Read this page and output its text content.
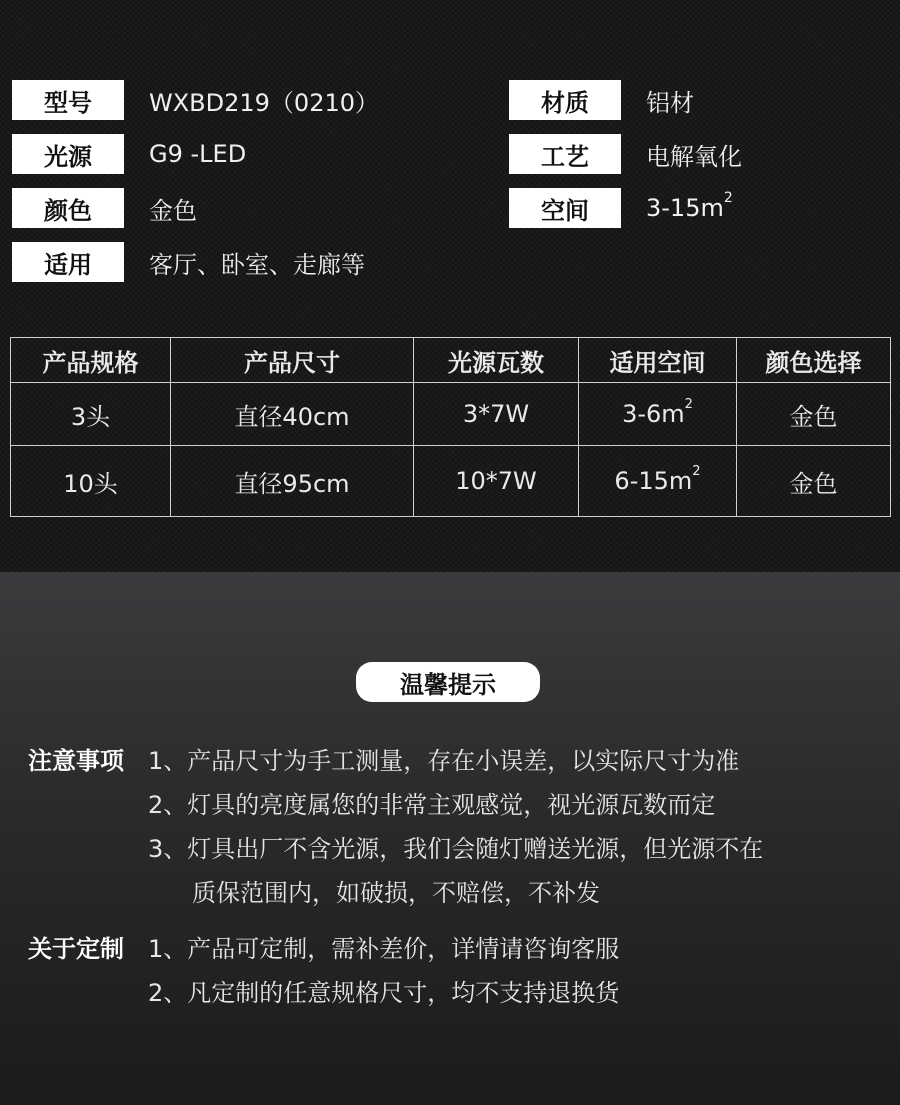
型号	WXBD219（0210）	材质	铝材
光源	G9 -LED	工艺	电解氧化
颜色	金色	空间	$3-15m^2$
适用	客厅、卧室、走廊等
产品规格	产品尺寸	光源瓦数	适用空间	颜色选择
3头	直径40cm	3*7W	$3-6m^2$	金色
10头	直径95cm	10*7W	$6-15m^2$	金色
温馨提示
注意事项 1、产品尺寸为手工测量，存在小误差，以实际尺寸为准
2、灯具的亮度属您的非常主观感觉，视光源瓦数而定
3、灯具出厂不含光源，我们会随灯赠送光源，但光源不在
质保范围内，如破损，不赔偿，不补发
关于定制 1、产品可定制，需补差价，详情请咨询客服
2、凡定制的任意规格尺寸，均不支持退换货
